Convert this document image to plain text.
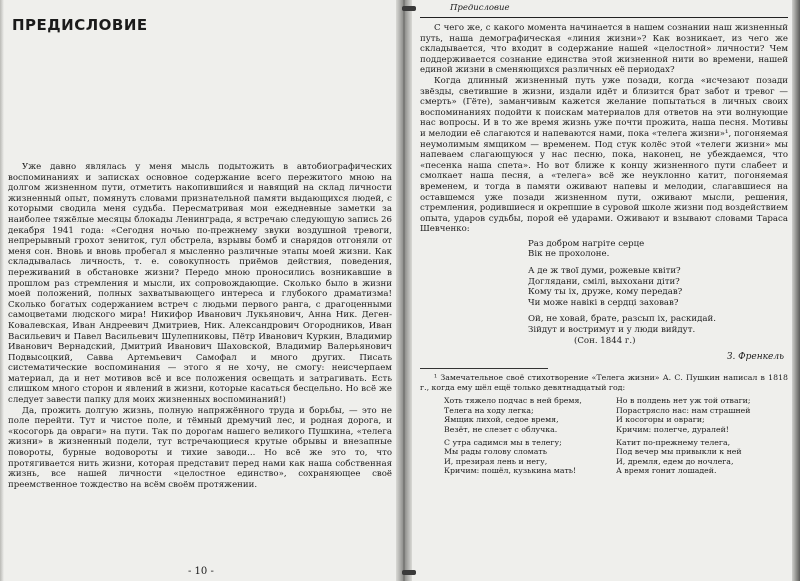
ПРЕДИСЛОВИЕ

Уже давно являлась у меня мысль подытожить в автобиографических воспоминаниях и записках основное содержание всего пережитого мною на долгом жизненном пути, отметить накопившийся и навящий на склад личности жизненный опыт, помянуть словами признательной памяти выдающихся людей, с которыми сводила меня судьба. Пересматривая мои ежедневные заметки за наиболее тяжёлые месяцы блокады Ленинграда, я встречаю следующую запись 26 декабря 1941 года: «Сегодня ночью по-прежнему звуки воздушной тревоги, непрерывный грохот зениток, гул обстрела, взрывы бомб и снарядов отгоняли от меня сон. Вновь и вновь пробегал я мысленно различные этапы моей жизни. Как складывалась личность, т. е. совокупность приёмов действия, поведения, переживаний в обстановке жизни? Передо мною проносились возникавшие в прошлом раз стремления и мысли, их сопровождающие. Сколько было в жизни моей положений, полных захватывающего интереса и глубокого драматизма! Сколько богатых содержанием встреч с людьми первого ранга, с драгоценными самоцветами людского мира! Никифор Иванович Лукьянович, Анна Ник. Деген-Ковалевская, Иван Андреевич Дмитриев, Ник. Александрович Огородников, Иван Васильевич и Павел Васильевич Шулепниковы, Пётр Иванович Куркин, Владимир Иванович Вернадский, Дмитрий Иванович Шаховской, Владимир Валерьянович Подвысоцкий, Савва Артемьевич Самофал и много других. Писать систематические воспоминания — этого я не хочу, не смогу: неисчерпаем материал, да и нет мотивов всё и все положения освещать и затрагивать. Есть слишком много сторон и явлений в жизни, которые касаться бесцельно. Но всё же следует завести папку для моих жизненных воспоминаний!)

Да, прожить долгую жизнь, полную напряжённого труда и борьбы, — это не поле перейти. Тут и чистое поле, и тёмный дремучий лес, и родная дорога, и «косогорь да овраги» на пути. Так по дорогам нашего великого Пушкина, «телега жизни» в жизненный подели, тут встречающиеся крутые обрывы и внезапные повороты, бурные водовороты и тихие заводи... Но всё же это то, что протягивается нить жизни, которая представит перед нами как наша собственная жизнь, все нашей личности «целостное единство», сохраняющее своё преемственное тождество на всём своём протяжении.

- 10 -
Предисловие

С чего же, с какого момента начинается в нашем сознании наш жизненный путь, наша демографическая «линия жизни»? Как возникает, из чего же складывается, что входит в содержание нашей «целостной» личности? Чем поддерживается сознание единства этой жизненной нити во времени, нашей единой жизни в сменяющихся различных её периодах?

Когда длинный жизненный путь уже позади, когда «исчезают позади звёзды, светившие в жизни, издали идёт и близится брат забот и тревог — смерть» (Гёте), заманчивым кажется желание попытаться в личных своих воспоминаниях подойти к поискам материалов для ответов на эти волнующие нас вопросы. И в то же время жизнь уже почти прожита, наша песня. Мотивы и мелодии её слагаются и напеваются нами, пока «телега жизни»¹, погоняемая неумолимым ямщиком — временем. Под стук колёс этой «телеги жизни» мы напеваем слагающуюся у нас песню, пока, наконец, не убеждаемся, что «песенка наша спета». Но вот ближе к концу жизненного пути слабеет и смолкает наша песня, а «телега» всё же неуклонно катит, погоняемая временем, и тогда в памяти оживают напевы и мелодии, слагавшиеся на оставшемся уже позади жизненном пути, оживают мысли, решения, стремления, родившиеся и окрепшие в суровой школе жизни под воздействием опыта, ударов судьбы, порой её ударами. Оживают и взывают словами Тараса Шевченко:

Раз добром нагріте серце
Вік не прохолоне.
А де ж твої думи, рожевые квіти?
Доглядани, смілі, выхохани діти?
Кому ты іх, друже, кому передав?
Чи може навікі в сердці заховав?
Ой, не ховай, брате, разсып іх, раскидай.
Зійдут и востримут и у люди вийдут.
(Сон. 1844 г.)
З. Френкель

¹ Замечательное своё стихотворение «Телега жизни» А. С. Пушкин написал в 1818 г., когда ему шёл ещё только девятнадцатый год:

Хоть тяжело подчас в ней бремя,
Телега на ходу легка;
Ямщик лихой, седое время,
Везёт, не слезет с облучка.
С утра садимся мы в телегу;
Мы рады голову сломать
И, презирая лень и негу,
Кричим: пошёл, кузькина мать!
Но в полдень нет уж той отваги;
Порастрясло нас: нам страшней
И косогоры и овраги;
Кричим: полегче, дуралей!
Катит по-прежнему телега,
Под вечер мы привыкли к ней
И, дремля, едем до ночлега,
А время гонит лошадей.
